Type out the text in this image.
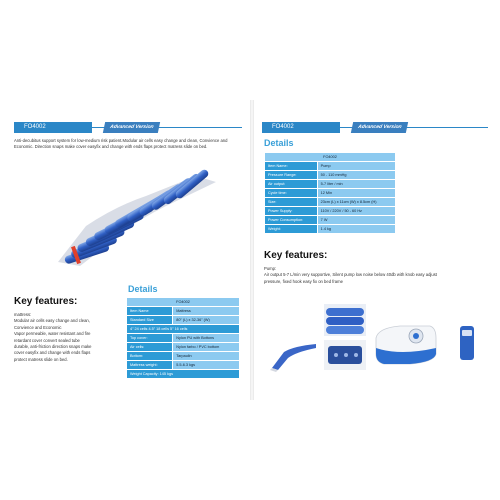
FO4002	Advanced Version
Anti-decubitus support system for low-medium risk patient.Modular air cells easy change and clean, Convience and Economic. Direction snaps make cover easyfix and change with ends flaps protect matress slide on bed.
Key features:
mattress:
Modular air cells easy change and clean,
Convience and Economic
Vapor permeable, water resistant and fire
retardant cover convert sealed tube
durable, anti-friction direction snaps make
cover easyfix and change with ends flaps
protect matress slide on bed.
Details
FO4002	
Item Name	Mattress
Standard Size	80" (L) x 32-36" (W)
4" 24 cells 4.5" 18 cells 5" 16 cells	
Top cover:	Nylon PU with Bottons
Air cells:	Nylon farbo / PVC bottom
Bottom:	Tarpaulin
Mattress weight:	5.5-6.3 kgs
Weight Capacity: 145 kgs	
FO4002	Advanced Version
Details
FO4002	
Item Name:	Pump
Pressure Range:	50 - 110 mmHg
Air output:	5-7 liter / min
Cycle time:	12 Min
Size:	23cm (L) x 11cm (W) x 8.5cm (H)
Power Supply:	110V / 220V / 50 - 60 Hz
Power Consumption:	7 W
Weight:	1.4 kg
Key features:
Pump:
Air output 5-7 L/min very supportive, Silent pump low noise below 40db with knob easy adjust
pressure, fixed hook easy fix on bed frame
